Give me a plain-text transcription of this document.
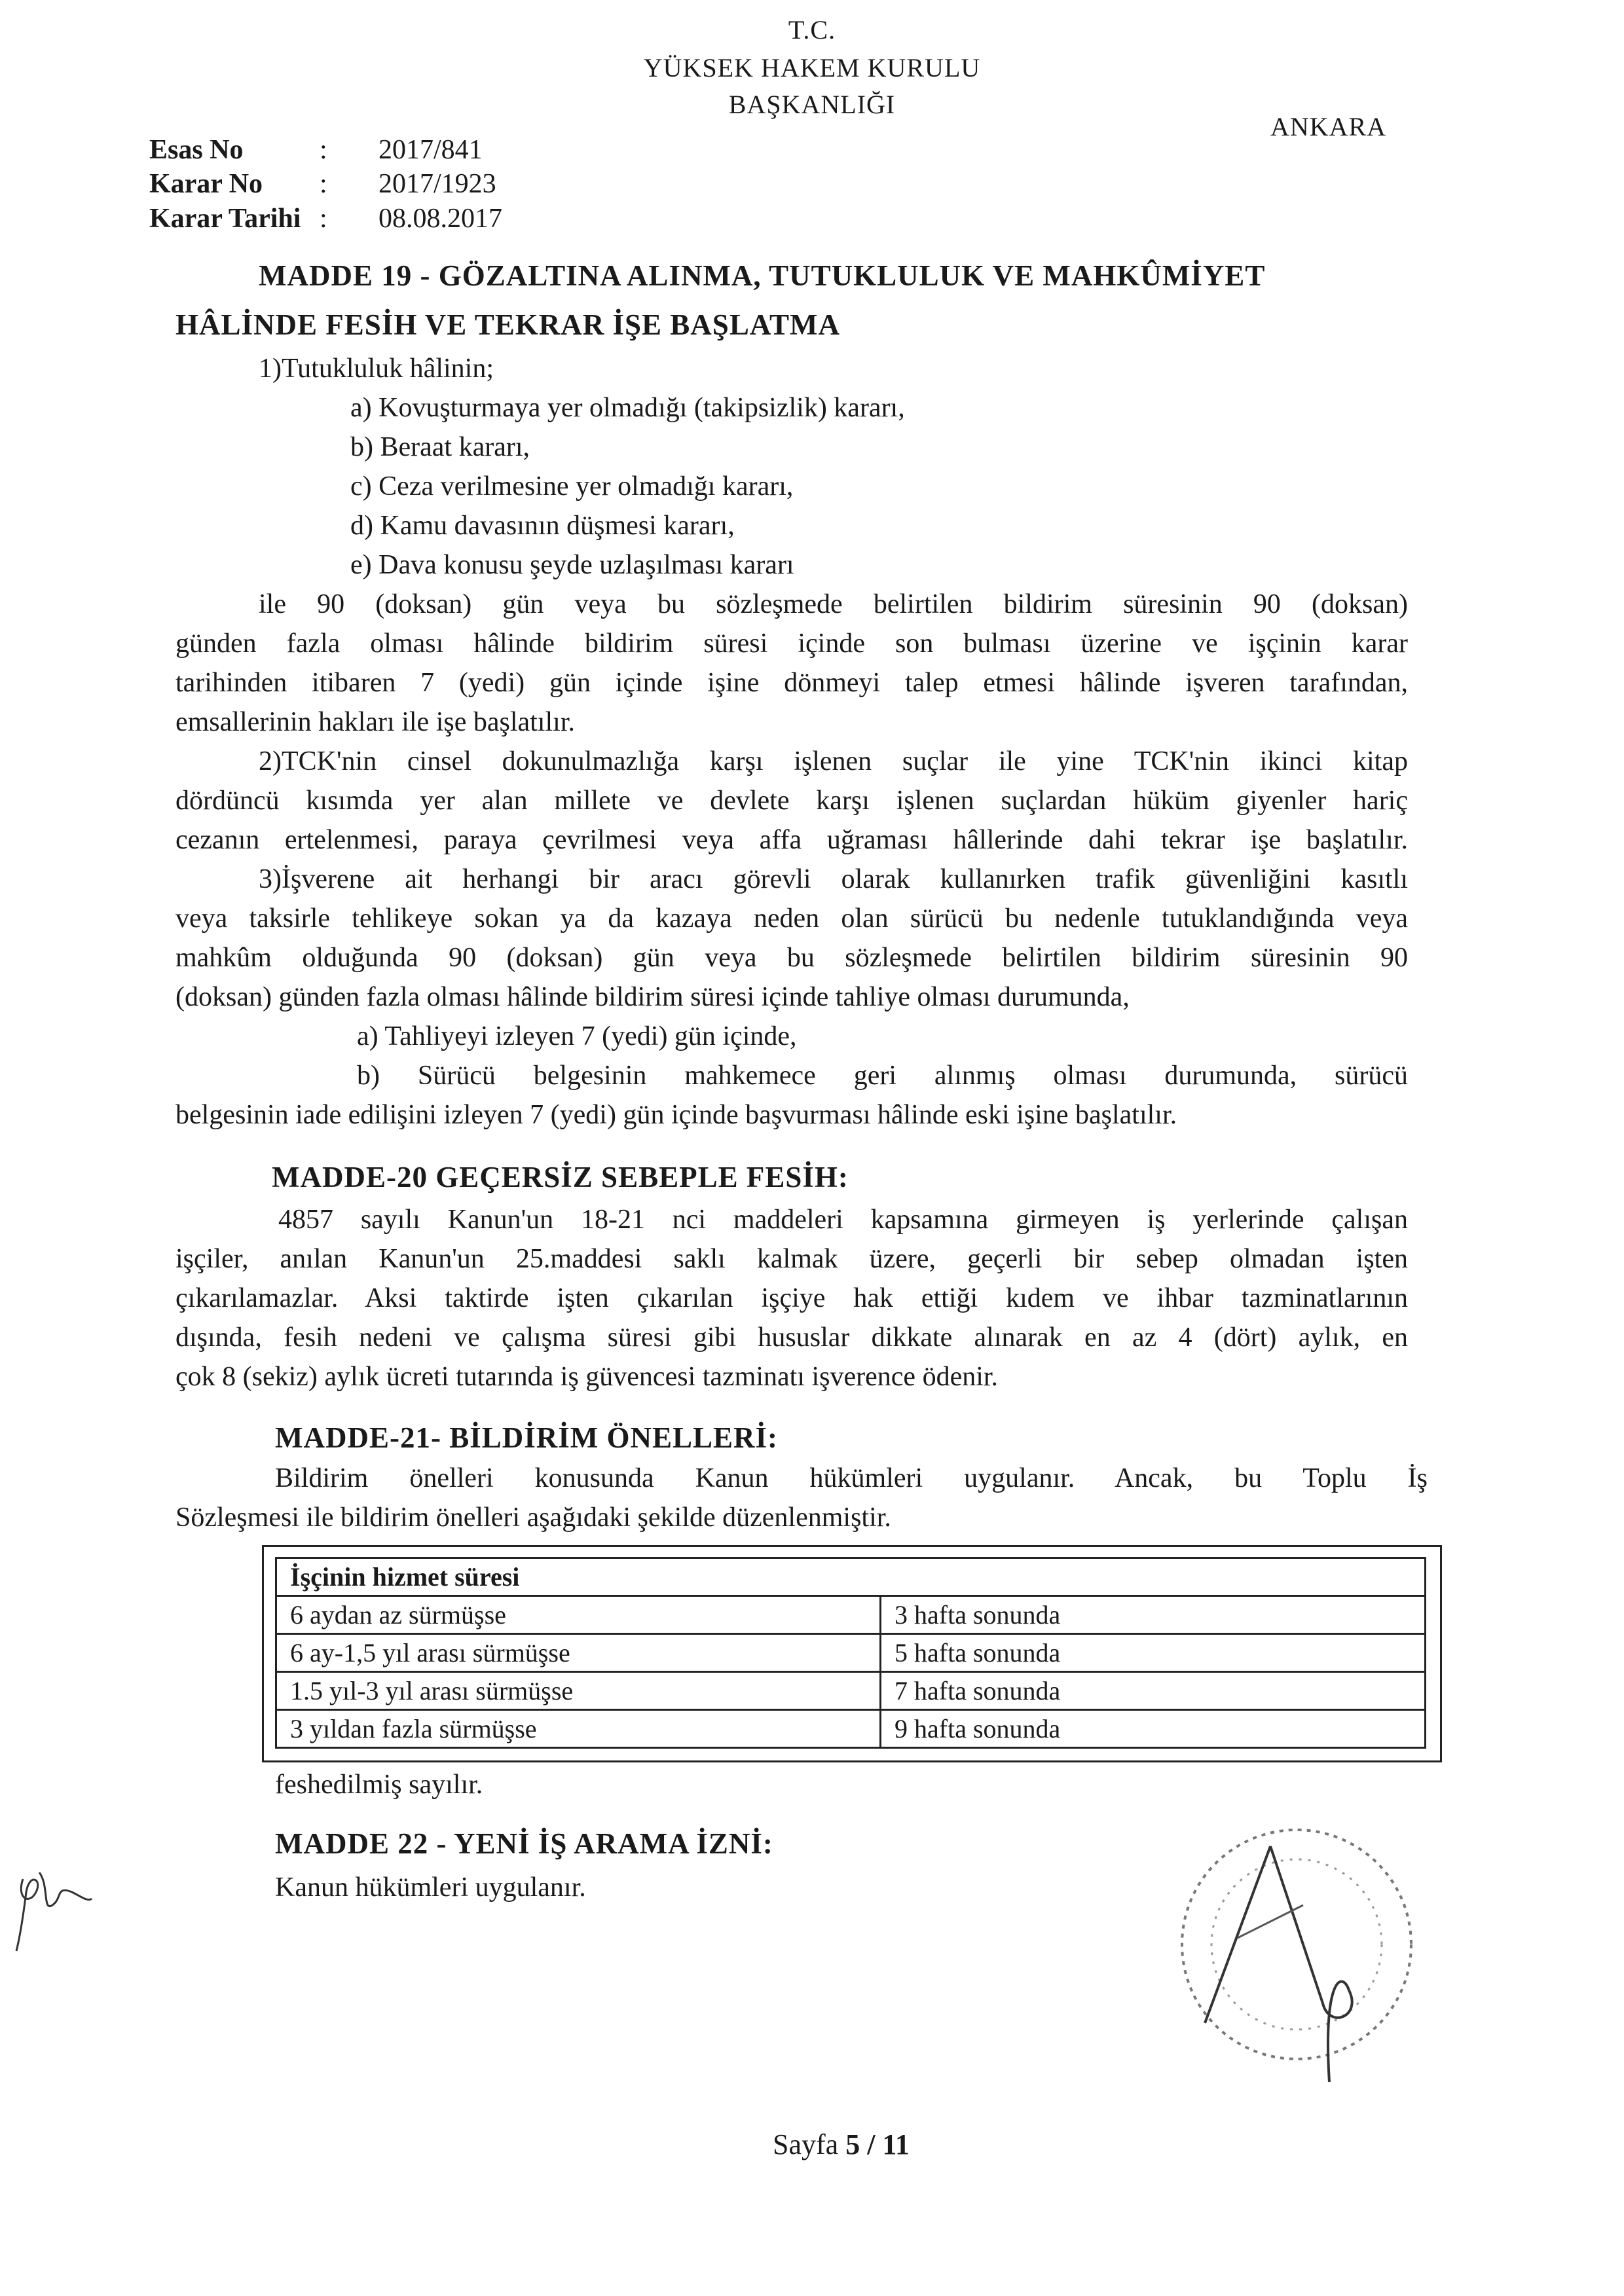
T.C.
YÜKSEK HAKEM KURULU
BAŞKANLIĞI
ANKARA
Esas No	: 2017/841
Karar No : 2017/1923
Karar Tarihi : 08.08.2017
MADDE 19 - GÖZALTINA ALINMA, TUTUKLULUK VE MAHKÛMİYET
HÂLİNDE FESİH VE TEKRAR İŞE BAŞLATMA
1)Tutukluluk hâlinin;
a) Kovuşturmaya yer olmadığı (takipsizlik) kararı,
b) Beraat kararı,
c) Ceza verilmesine yer olmadığı kararı,
d) Kamu davasının düşmesi kararı,
e) Dava konusu şeyde uzlaşılması kararı
ile 90 (doksan) gün veya bu sözleşmede belirtilen bildirim süresinin 90 (doksan)
günden fazla olması hâlinde bildirim süresi içinde son bulması üzerine ve işçinin karar
tarihinden itibaren 7 (yedi) gün içinde işine dönmeyi talep etmesi hâlinde işveren tarafından,
emsallerinin hakları ile işe başlatılır.
2)TCK'nin cinsel dokunulmazlığa karşı işlenen suçlar ile yine TCK'nin ikinci kitap
dördüncü kısımda yer alan millete ve devlete karşı işlenen suçlardan hüküm giyenler hariç
cezanın ertelenmesi, paraya çevrilmesi veya affa uğraması hâllerinde dahi tekrar işe başlatılır.
3)İşverene ait herhangi bir aracı görevli olarak kullanırken trafik güvenliğini kasıtlı
veya taksirle tehlikeye sokan ya da kazaya neden olan sürücü bu nedenle tutuklandığında veya
mahkûm olduğunda 90 (doksan) gün veya bu sözleşmede belirtilen bildirim süresinin 90
(doksan) günden fazla olması hâlinde bildirim süresi içinde tahliye olması durumunda,
a) Tahliyeyi izleyen 7 (yedi) gün içinde,
b) Sürücü belgesinin mahkemece geri alınmış olması durumunda, sürücü
belgesinin iade edilişini izleyen 7 (yedi) gün içinde başvurması hâlinde eski işine başlatılır.
MADDE-20 GEÇERSİZ SEBEPLE FESİH:
4857 sayılı Kanun'un 18-21 nci maddeleri kapsamına girmeyen iş yerlerinde çalışan
işçiler, anılan Kanun'un 25.maddesi saklı kalmak üzere, geçerli bir sebep olmadan işten
çıkarılamazlar. Aksi taktirde işten çıkarılan işçiye hak ettiği kıdem ve ihbar tazminatlarının
dışında, fesih nedeni ve çalışma süresi gibi hususlar dikkate alınarak en az 4 (dört) aylık, en
çok 8 (sekiz) aylık ücreti tutarında iş güvencesi tazminatı işverence ödenir.
MADDE-21- BİLDİRİM ÖNELLERİ:
Bildirim önelleri konusunda Kanun hükümleri uygulanır. Ancak, bu Toplu İş
Sözleşmesi ile bildirim önelleri aşağıdaki şekilde düzenlenmiştir.
İşçinin hizmet süresi	
6 aydan az sürmüşse	3 hafta sonunda
6 ay-1,5 yıl arası sürmüşse	5 hafta sonunda
1.5 yıl-3 yıl arası sürmüşse	7 hafta sonunda
3 yıldan fazla sürmüşse	9 hafta sonunda
feshedilmiş sayılır.
MADDE 22 - YENİ İŞ ARAMA İZNİ:
Kanun hükümleri uygulanır.
Sayfa 5 / 11
